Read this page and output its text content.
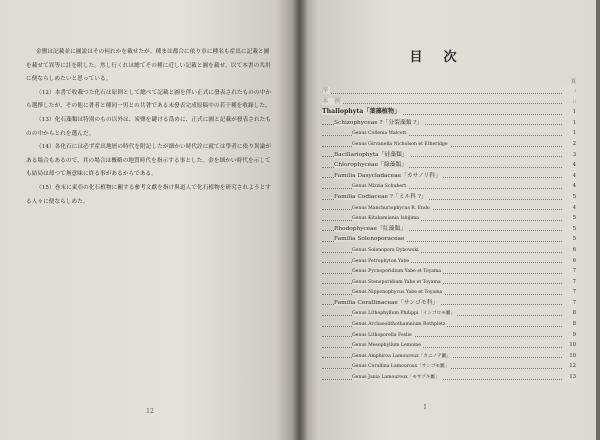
金鹽は記載並に圖説はその何れかを載せたが、種まは都合に依り章に種名も産出に記載と圖を載せて異等に註を附した。然し行くれは總てその種に近しい記載と圖を載せ、以て本書の共用に便ならしめたいと思っている。

（12）本書で收載つた化石は原則として總べて記載と圖を伴い正式に發表されたものの中から選擇したが、その他に著者と種同一男との共著である未發表完成原稿中の若干種を收錄した。

（13）化石藻類は特別のもの以外は、炭鹽を鍵ける爲めに、正式に圖と記載が發表されたものの中からとれを選んだ。

（14）各化石には必ず産出地層の時代を附記したが細かい時代詮に就ては學者に依り異論がある場合もあるので、其の場合は概略の地質時代を指示する事とした。金を細かい時代を示しても結局は却つて無意味に終る事があるからである。

（15）巻末に東亞の化石植物に關する參考文獻を指け與道人で化石植物を研究されようとする人々に便ならしめた。

12
目　次
頁
序	i
本　例	ii
Thallophyta「葉藻植物」	1
Schizophyceae ?「分裂藻類 ?」	1
Genus Collenia Walcott	1
Genus Girvanella Nicholson et Etheridge	2
Bacillariophyta「硅藻類」	3
Chlorophyceae「綠藻類」	4
Familia Dasycladaceae「カサノリ科」	4
Genus Mizzia Schubert	4
Familia Codiaceae ?「ミル科 ?」	5
Genus Manchuriophycus R. Endo	4
Genus Kitakamiania Ishijima	5
Rhodophyceae「紅藻類」	5
Familia Solenoporaceae	5
Genus Solenopora Dybowski	6
Genus Petrophyton Yabe	6
Genus Pycnoporidium Yabe et Toyama	7
Genus Stenoporidium Yabe et Toyama	7
Genus Nipponophycus Yabe et Toyama	7
Familia Corallinaceae「サンゴモ科」	7
Genus Lithophyllum Philippi「イシゴロモ屬」	8
Genus Archaeolithothamnium Rothpletz	8
Genus Lithoporella Foslie	9
Genus Mesophyllum Lemoine	10
Genus Amphiroa Lamouroux「カニノテ屬」	10
Genus Corallina Lamouroux「サンゴモ屬」	12
Genus Jania Lamouroux「モサヅキ屬」	13
1
